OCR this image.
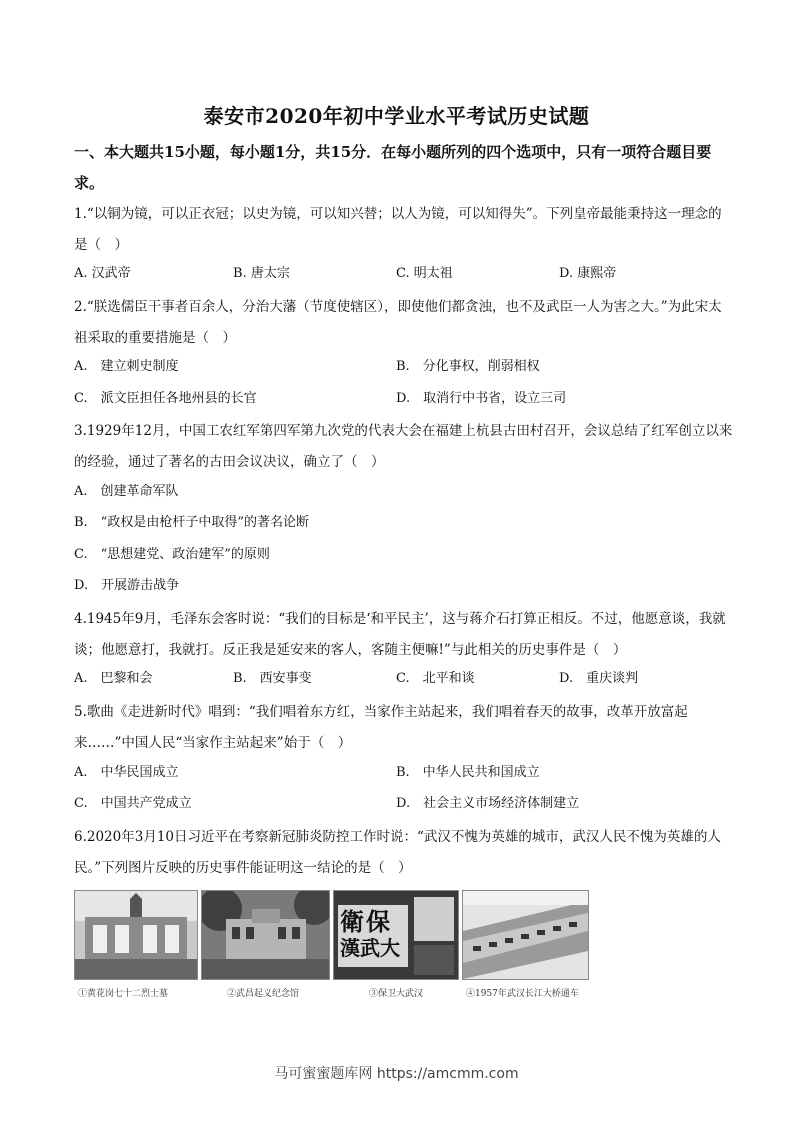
泰安市2020年初中学业水平考试历史试题
一、本大题共15小题，每小题1分，共15分．在每小题所列的四个选项中，只有一项符合题目要求。
1.“以铜为镜，可以正衣冠；以史为镜，可以知兴替；以人为镜，可以知得失”。下列皇帝最能秉持这一理念的是（　）
A. 汉武帝	B. 唐太宗	C. 明太祖	D. 康熙帝
2.“朕选儒臣干事者百余人，分治大藩（节度使辖区），即使他们都贪浊，也不及武臣一人为害之大。”为此宋太祖采取的重要措施是（　）
A.　建立刺史制度	B.　分化事权，削弱相权
C.　派文臣担任各地州县的长官	D.　取消行中书省，设立三司
3.1929年12月，中国工农红军第四军第九次党的代表大会在福建上杭县古田村召开，会议总结了红军创立以来的经验，通过了著名的古田会议决议，确立了（　）
A.　创建革命军队
B.　“政权是由枪杆子中取得”的著名论断
C.　“思想建党、政治建军”的原则
D.　开展游击战争
4.1945年9月，毛泽东会客时说：“我们的目标是‘和平民主’，这与蒋介石打算正相反。不过，他愿意谈，我就谈；他愿意打，我就打。反正我是延安来的客人，客随主便嘛!”与此相关的历史事件是（　）
A.　巴黎和会	B.　西安事变	C.　北平和谈	D.　重庆谈判
5.歌曲《走进新时代》唱到：“我们唱着东方红，当家作主站起来，我们唱着春天的故事，改革开放富起来……”中国人民“当家作主站起来”始于（　）
A.　中华民国成立	B.　中华人民共和国成立
C.　中国共产党成立	D.　社会主义市场经济体制建立
6.2020年3月10日习近平在考察新冠肺炎防控工作时说：“武汉不愧为英雄的城市，武汉人民不愧为英雄的人民。”下列图片反映的历史事件能证明这一结论的是（　）
①黄花岗七十二烈士墓	②武昌起义纪念馆
衛保
漢武大
③保卫大武汉	④1957年武汉长江大桥通车
马可蜜蜜题库网 https://amcmm.com
